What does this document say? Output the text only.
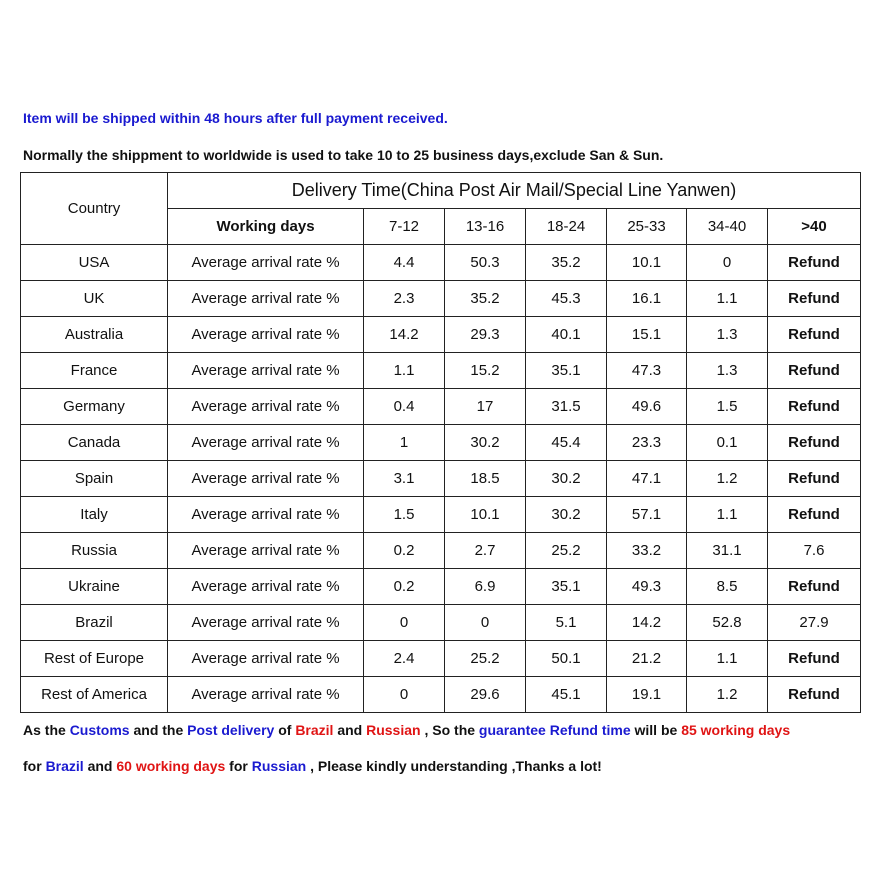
Item will be shipped within 48 hours after full payment received.
Normally the shippment to worldwide is used to take 10 to 25 business days,exclude San & Sun.
Country	Delivery Time(China Post Air Mail/Special Line Yanwen)						
	Working days	7-12	13-16	18-24	25-33	34-40	>40
USA	Average arrival rate %	4.4	50.3	35.2	10.1	0	Refund
UK	Average arrival rate %	2.3	35.2	45.3	16.1	1.1	Refund
Australia	Average arrival rate %	14.2	29.3	40.1	15.1	1.3	Refund
France	Average arrival rate %	1.1	15.2	35.1	47.3	1.3	Refund
Germany	Average arrival rate %	0.4	17	31.5	49.6	1.5	Refund
Canada	Average arrival rate %	1	30.2	45.4	23.3	0.1	Refund
Spain	Average arrival rate %	3.1	18.5	30.2	47.1	1.2	Refund
Italy	Average arrival rate %	1.5	10.1	30.2	57.1	1.1	Refund
Russia	Average arrival rate %	0.2	2.7	25.2	33.2	31.1	7.6
Ukraine	Average arrival rate %	0.2	6.9	35.1	49.3	8.5	Refund
Brazil	Average arrival rate %	0	0	5.1	14.2	52.8	27.9
Rest of Europe	Average arrival rate %	2.4	25.2	50.1	21.2	1.1	Refund
Rest of America	Average arrival rate %	0	29.6	45.1	19.1	1.2	Refund
As the Customs and the Post delivery of Brazil and Russian , So the guarantee Refund time will be 85 working days
for Brazil and 60 working days for Russian , Please kindly understanding ,Thanks a lot!
